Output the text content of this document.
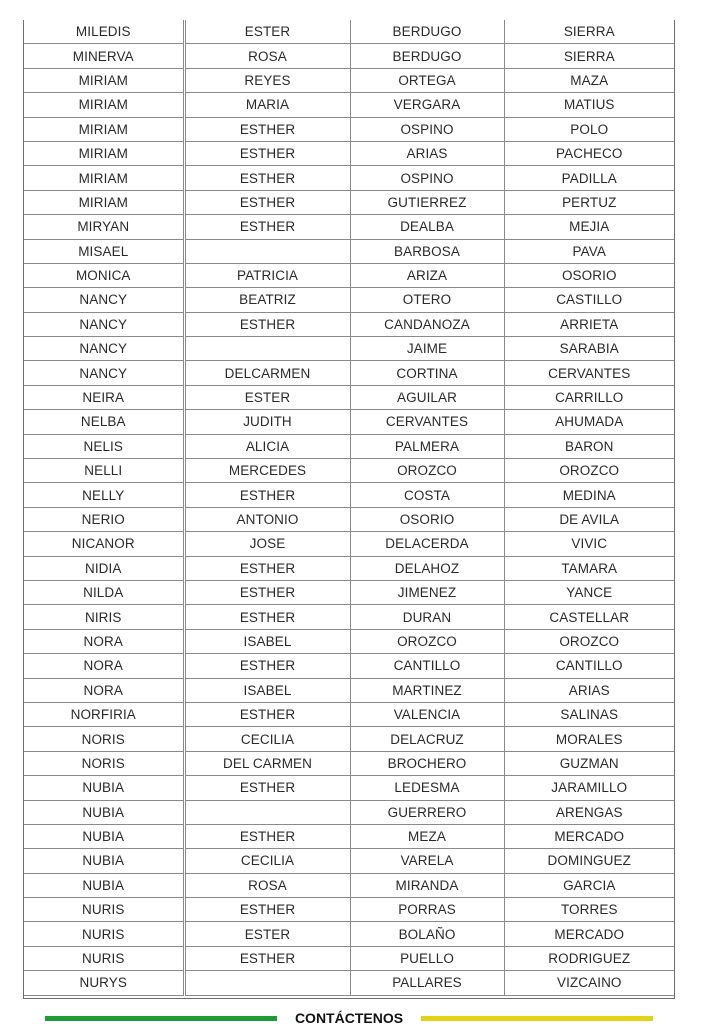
MILEDIS	ESTER	BERDUGO	SIERRA
MINERVA	ROSA	BERDUGO	SIERRA
MIRIAM	REYES	ORTEGA	MAZA
MIRIAM	MARIA	VERGARA	MATIUS
MIRIAM	ESTHER	OSPINO	POLO
MIRIAM	ESTHER	ARIAS	PACHECO
MIRIAM	ESTHER	OSPINO	PADILLA
MIRIAM	ESTHER	GUTIERREZ	PERTUZ
MIRYAN	ESTHER	DEALBA	MEJIA
MISAEL		BARBOSA	PAVA
MONICA	PATRICIA	ARIZA	OSORIO
NANCY	BEATRIZ	OTERO	CASTILLO
NANCY	ESTHER	CANDANOZA	ARRIETA
NANCY		JAIME	SARABIA
NANCY	DELCARMEN	CORTINA	CERVANTES
NEIRA	ESTER	AGUILAR	CARRILLO
NELBA	JUDITH	CERVANTES	AHUMADA
NELIS	ALICIA	PALMERA	BARON
NELLI	MERCEDES	OROZCO	OROZCO
NELLY	ESTHER	COSTA	MEDINA
NERIO	ANTONIO	OSORIO	DE AVILA
NICANOR	JOSE	DELACERDA	VIVIC
NIDIA	ESTHER	DELAHOZ	TAMARA
NILDA	ESTHER	JIMENEZ	YANCE
NIRIS	ESTHER	DURAN	CASTELLAR
NORA	ISABEL	OROZCO	OROZCO
NORA	ESTHER	CANTILLO	CANTILLO
NORA	ISABEL	MARTINEZ	ARIAS
NORFIRIA	ESTHER	VALENCIA	SALINAS
NORIS	CECILIA	DELACRUZ	MORALES
NORIS	DEL CARMEN	BROCHERO	GUZMAN
NUBIA	ESTHER	LEDESMA	JARAMILLO
NUBIA		GUERRERO	ARENGAS
NUBIA	ESTHER	MEZA	MERCADO
NUBIA	CECILIA	VARELA	DOMINGUEZ
NUBIA	ROSA	MIRANDA	GARCIA
NURIS	ESTHER	PORRAS	TORRES
NURIS	ESTER	BOLAÑO	MERCADO
NURIS	ESTHER	PUELLO	RODRIGUEZ
NURYS		PALLARES	VIZCAINO
CONTÁCTENOS
